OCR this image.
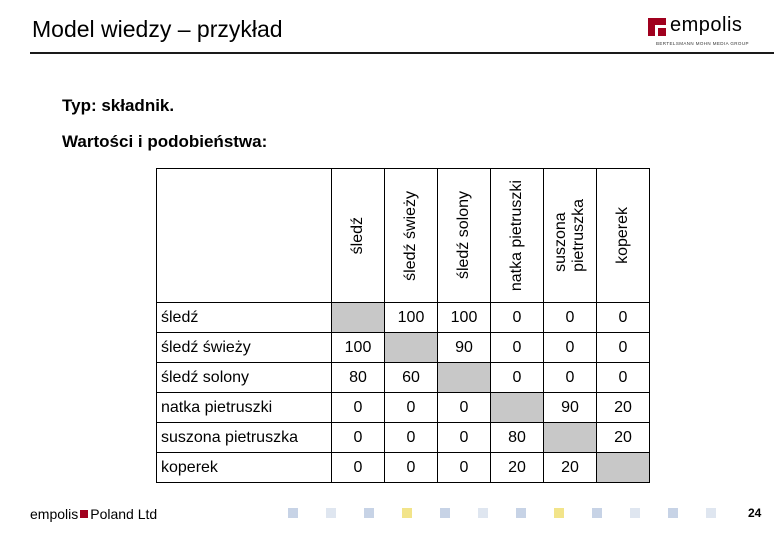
Model wiedzy – przykład	empolis
BERTELSMANN MOHN MEDIA GROUP
Typ: składnik.
Wartości i podobieństwa:

	śledź	śledź świeży	śledź solony	natka pietruszki	suszona
pietruszka	koperek

śledź		100	100	0	0	0
śledź świeży	100		90	0	0	0
śledź solony	80	60		0	0	0
natka pietruszki	0	0	0		90	20
suszona pietruszka	0	0	0	80		20
koperek	0	0	0	20	20	
empolis Poland Ltd	24
